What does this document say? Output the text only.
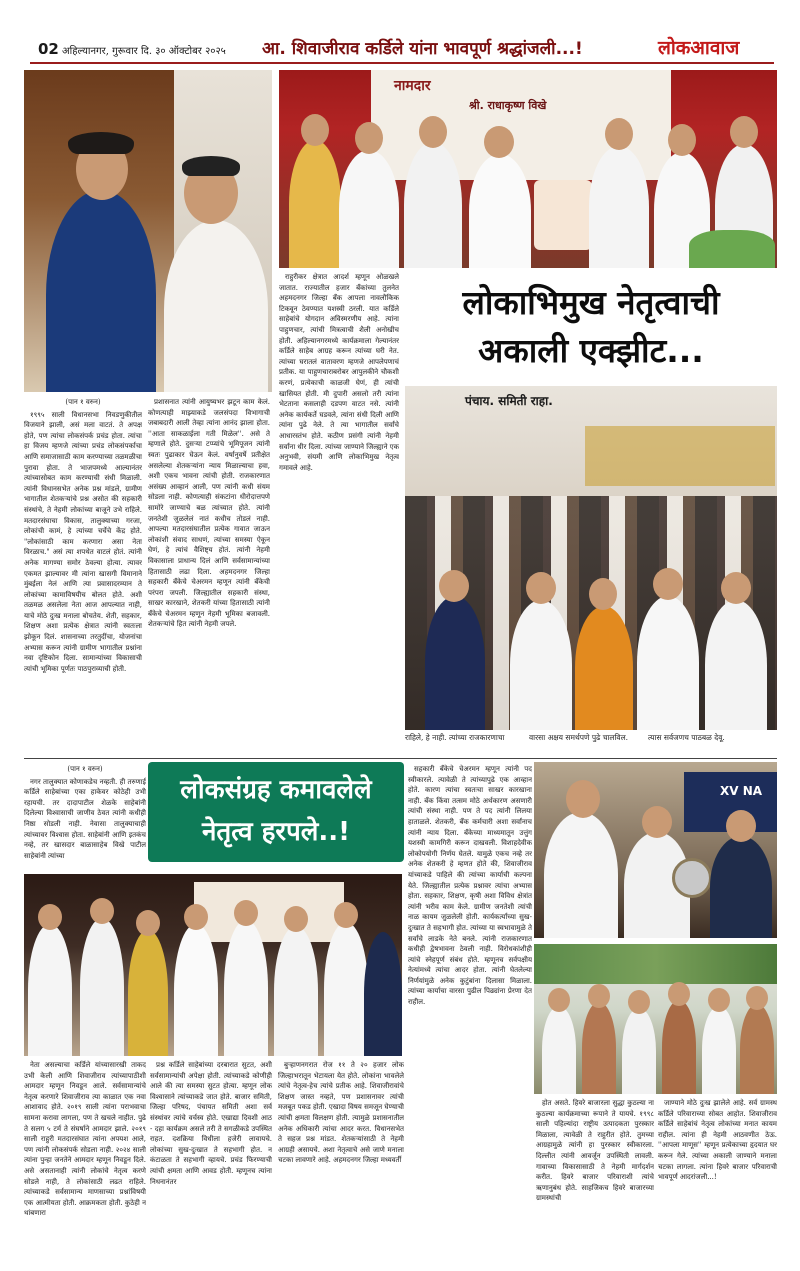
02 अहिल्यानगर, गुरूवार दि. ३० ऑक्टोबर २०२५ आ. शिवाजीराव कर्डिले यांना भावपूर्ण श्रद्धांजली...!	लोकआवाज
नामदार
श्री. राधाकृष्ण विखे
(पान १ वरुन)

१९९५ साली विधानसभा निवडणुकीतील विजयाने झाली, असं मला वाटतं. ते अपक्ष होते, पण त्यांचा लोकसंपर्क प्रचंड होता. त्यांचा हा विजय म्हणजे त्यांच्या प्रचंड लोकसंपर्काचा आणि समाजासाठी काम करण्याच्या तळमळीचा पुरावा होता. ते भाजपमध्ये आल्यानंतर त्यांच्यासोबत काम करण्याची संधी मिळाली. त्यांनी विधानसभेत अनेक प्रश्न मांडले, ग्रामीण भागातील शेतकऱ्यांचे प्रश्न असोत की सहकारी संस्थांचे, ते नेहमी लोकांच्या बाजूने उभे राहिले. मतदारसंघाचा विकास, तालुक्याच्या गरजा, लोकांची कामं, हे त्यांच्या चर्चेचे केंद्र होते. "लोकांसाठी काम करणारा असा नेता विरळाच." असं त्या शपथेत वाटलं होतं. त्यांनी अनेक मागण्या समोर ठेवल्या होत्या. त्यावर एकमत झाल्यावर मी त्यांना खासगी विमानाने मुंबईला नेलं आणि त्या प्रवासादरम्यान ते लोकांच्या कामाविषयीच बोलत होते. अशी तळमळ असलेला नेता आज आपल्यात नाही, याचे मोठे दुःख मनाला बोचतेय. शेती, सहकार, शिक्षण अशा प्रत्येक क्षेत्रात त्यांनी स्वतःला झोकून दिलं. शासनाच्या तरतुदींचा, योजनांचा अभ्यास करून त्यांनी ग्रामीण भागातील प्रश्नांना नवा दृष्टिकोन दिला. सामान्यांच्या विकासाची त्यांची भूमिका पूर्णतः पाठपुराव्याची होती.

प्रशासनात त्यांनी आयुष्यभर झटून काम केलं. कोणत्याही माझ्याकडे जलसंपदा विभागाची जबाबदारी आली तेव्हा त्यांना आनंद झाला होता. ''आता साकळाईला गती मिळेल''. असे ते म्हणाले होते. दुसऱ्या टप्प्यांचे भूमिपूजन त्यांनी स्वतः पुढाकार घेऊन केलं. वर्षानुवर्षे प्रतीक्षेत असलेल्या शेतकऱ्यांना न्याय मिळाल्याचा हवा, अशी एकच भावना त्यांची होती. राजकारणात असंख्य आव्हानं आली, पण त्यांनी कधी संयम सोडला नाही. कोणत्याही संकटांना धीरोदात्तपणे सामोरे जाण्याचे बळ त्यांच्यात होते. त्यांनी जनतेशी जुळलेलं नातं कधीच तोडलं नाही. आपल्या मतदारसंघातील प्रत्येक गावात जाऊन लोकांशी संवाद साधणं, त्यांच्या समस्या ऐकून घेणं, हे त्यांचं वैशिष्ट्य होतं. त्यांनी नेहमी विकासाला प्राधान्य दिलं आणि सर्वसामान्यांच्या हितासाठी लढा दिला. अहमदनगर जिल्हा सहकारी बँकेचे चेअरमन म्हणून त्यांनी बँकेची परंपरा जपली. जिल्ह्यातील सहकारी संस्था, साखर कारखाने, शेतकरी यांच्या हितासाठी त्यांनी बँकेचे चेअरमन म्हणून नेहमी भूमिका बजावली. शेतकऱ्यांचे हित त्यांनी नेहमी जपले.

लोकाभिमुख नेतृत्वाची
अकाली एक्झीट...

राहुरीकर क्षेत्रात आदर्श म्हणून ओळखले जातात. राज्यातील हजार बँकांच्या तुलनेत अहमदनगर जिल्हा बँक आपला नावलौकिक टिकवून ठेवण्यात यशस्वी ठरली. यात कर्डिले साहेबांचे योगदान अविस्मरणीय आहे. त्यांना पाहुणचार, त्यांची मित्रत्वाची शैली अनोखीच होती. अहिल्यानगरमध्ये कार्यक्रमाला गेल्यानंतर कर्डिले साहेब आग्रह करून त्यांच्या घरी नेत. त्यांच्या घरातलं वातावरण म्हणजे आपलेपणाचं प्रतीक. या पाहुणचाराबरोबर आपुलकीने चौकशी करणं, प्रत्येकाची काळजी घेणं, ही त्यांची खासियत होती. मी दुपारी असलो तरी त्यांना भेटताना कसलाही दडपण वाटत नसे. त्यांनी अनेक कार्यकर्ते घडवले, त्यांना संधी दिली आणि त्यांना पुढे नेले. ते त्या भागातील सर्वांचे आधारस्तंभ होते. कठीण प्रसंगी त्यांनी नेहमी सर्वांना धीर दिला. त्यांच्या जाण्याने जिल्ह्याने एक अनुभवी, संयमी आणि लोकाभिमुख नेतृत्व गमावले आहे.

पंचाय. समिती राहा.
राहिले, हे नाही. त्यांच्या राजकारणाचा	वारसा अक्षय समर्थपणे पुढे चालविल.	त्यास सर्वजणच पाठबळ देवू.
(पान १ वरुन)

नगर तालुक्यात कोणाकडेच नव्हती. ही तरुणाई कर्डिले साहेबांच्या एका हाकेवर कोठेही उभी रहायची. तर दादापाटील शेळके साहेबांनी दिलेल्या विश्वासाची जाणीव ठेवत त्यांनी कधीही निष्ठा सोडली नाही. नेवासा तालुक्याचाही त्यांच्यावर विश्वास होता. साहेबांनी आणि इतकंच नव्हे, तर खासदार बाळासाहेब विखे पाटील साहेबांनी त्यांच्या

लोकसंग्रह कमावलेले
नेतृत्व हरपले..!

सहकारी बँकेचे चेअरमन म्हणून त्यांनी पद स्वीकारले. त्यावेळी ते त्यांच्यापुढे एक आव्हान होते. कारण त्यांचा स्वतःचा साखर कारखाना नाही. बँक किंवा तत्सम मोठे अर्थकारण असणारी त्यांची संस्था नाही. पण ते पद त्यांनी लिलया हाताळले. शेतकरी, बँक कर्मचारी अशा सर्वांनाच त्यांनी न्याय दिला. बँकेच्या माध्यमातून उत्तुंग यशस्वी कामगिरी करून दाखवली. विशाहदेवीक लोकोपयोगी निर्णय घेतले. यामुळे एकच नव्हे तर अनेक शेतकरी हे म्हणत होते की, शिवाजीराव यांच्याकडे पाहिले की त्यांच्या कार्याची कल्पना येते. जिल्ह्यातील प्रत्येक प्रश्नावर त्यांचा अभ्यास होता. सहकार, शिक्षण, कृषी अशा विविध क्षेत्रांत त्यांनी भरीव काम केले. ग्रामीण जनतेशी त्यांची नाळ कायम जुळलेली होती. कार्यकर्त्यांच्या सुख-दुःखात ते सहभागी होत. त्यांच्या या स्वभावामुळे ते सर्वांचे लाडके नेते बनले. त्यांनी राजकारणात कधीही द्वेषभावना ठेवली नाही. विरोधकांशीही त्यांचे स्नेहपूर्ण संबंध होते. म्हणूनच सर्वपक्षीय नेत्यांमध्ये त्यांचा आदर होता. त्यांनी घेतलेल्या निर्णयांमुळे अनेक कुटुंबांना दिलासा मिळाला. त्यांच्या कार्याचा वारसा पुढील पिढ्यांना प्रेरणा देत राहील.

XV NA

नेता असल्याचा कर्डिले यांच्यासारखी ताकद उभी केली आणि शिवाजीराव त्यांच्यापाठीशी आमदार म्हणून निवडून आले. सर्वसामान्यांचे नेतृत्व करणारे शिवाजीराव त्या काळात एक नवा आशावाद होते. २०१९ साली त्यांना पराभवाचा सामना करावा लागला, पण ते खचले नाहीत. पुढे ते सलग ५ टर्म ते संघर्षाने आमदार झाले. २०१९ साली राहुरी मतदारसंघात त्यांना अपयश आले, पण त्यांनी लोकसंपर्क सोडला नाही. २०२४ साली त्यांना पुन्हा जनतेने आमदार म्हणून निवडून दिले. असे असतानाही त्यांनी लोकांचे नेतृत्व करणे सोडले नाही, ते लोकांसाठी लढत राहिले. त्यांच्याकडे सर्वसामान्य माणसाच्या प्रश्नांविषयी एक आत्मीयता होती. आक्रमकता होती. कुठेही न थांबणारा

प्रश्न कर्डिले साहेबांच्या दरबारात सुटत, अशी सर्वसामान्यांची अपेक्षा होती. त्यांच्याकडे कोणीही आले की त्या समस्या सुटत होत्या. म्हणून लोक विश्वासाने त्यांच्याकडे जात होते. बाजार समिती, जिल्हा परिषद, पंचायत समिती अशा सर्व संस्थांवर त्यांचे वर्चस्व होते. एखाद्या दिवशी आठ - दहा कार्यक्रम असले तरी ते सगळीकडे उपस्थित राहत. दशक्रिया विधीला हजेरी लावायचे. लोकांच्या सुख-दुःखात ते सहभागी होत. न कंटाळता ते सहभागी व्हायचे. प्रचंड फिरण्याची त्यांची क्षमता आणि आवड होती. म्हणूनच त्यांना निधनानंतर

बुऱ्हाणनगरात रोज ११ ते २० हजार लोक जिल्हाभरातून भेटायला येत होते. लोकांना भावलेले त्यांचे नेतृत्व-हेच त्यांचे प्रतीक आहे. शिवाजीरावांचे शिक्षण जास्त नव्हते, पण प्रशासनावर त्यांची मजबूत पकड होती. एखादा विषय समजून घेण्याची त्यांची क्षमता विलक्षण होती. त्यामुळे प्रशासनातील अनेक अधिकारी त्यांचा आदर करत. विधानसभेत ते सहज प्रश्न मांडत. शेतकऱ्यांसाठी ते नेहमी आग्रही असायचे. अशा नेतृत्वाचे असे जाणे मनाला चटका लावणारे आहे. अहमदनगर जिल्हा मध्यवर्ती

होत असते. हिवरे बाजारला सुद्धा कुठल्या ना कुठल्या कार्यक्रमाच्या रूपाने ते यायचे. १९९८ साली पहिल्यांदा राष्ट्रीय उत्पादकता पुरस्कार मिळाला, त्यावेळी ते राहुरीत होते. तुमच्या आग्रहामुळे त्यांनी हा पुरस्कार स्वीकारला. दिल्लीत त्यांनी आवर्जून उपस्थिती लावली. गावाच्या विकासासाठी ते नेहमी मार्गदर्शन करीत. हिवरे बाजार परिवाराशी त्यांचे ऋणानुबंध होते. साहजिकच हिवरे बाजारच्या ग्रामस्थांची

जाण्याने मोठे दुःख झालेले आहे. सर्व ग्रामस्थ कर्डिले परिवाराच्या सोबत आहोत. शिवाजीराव कर्डिले साहेबांचं नेतृत्व लोकांच्या मनात कायम राहील. त्यांना ही नेहमी आठवणीत ठेऊ. ''आपला माणूस'' म्हणून प्रत्येकाच्या हृदयात घर करून गेले. त्यांच्या अकाली जाण्याने मनाला चटका लागला. त्यांना हिवरे बाजार परिवाराची भावपूर्ण आदरांजली...!
